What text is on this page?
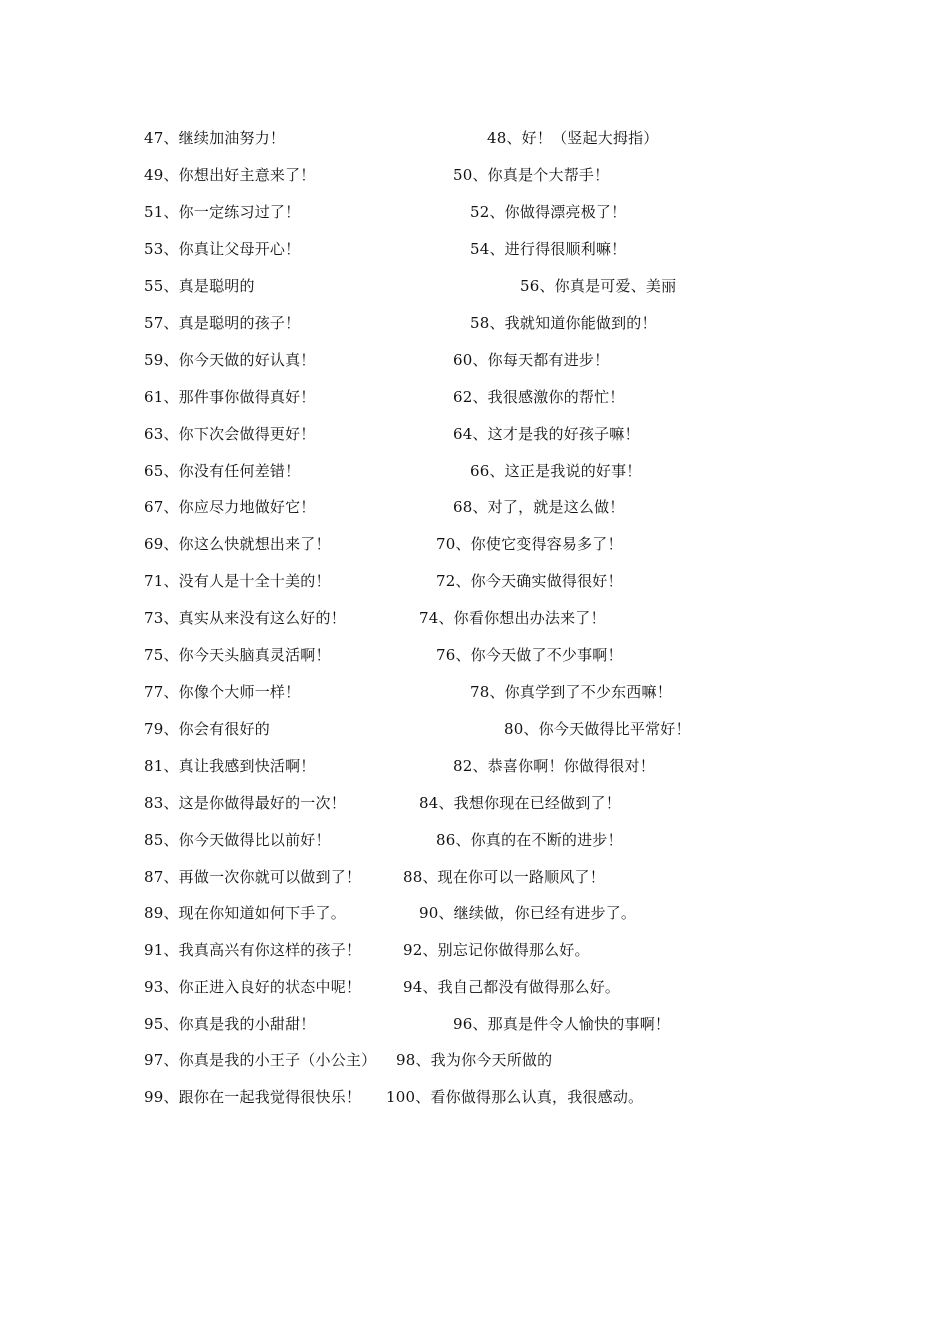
47、继续加油努力！	48、好！（竖起大拇指）
49、你想出好主意来了！	50、你真是个大帮手！
51、你一定练习过了！	52、你做得漂亮极了！
53、你真让父母开心！	54、进行得很顺利嘛！
55、真是聪明的	56、你真是可爱、美丽
57、真是聪明的孩子！	58、我就知道你能做到的！
59、你今天做的好认真！	60、你每天都有进步！
61、那件事你做得真好！	62、我很感激你的帮忙！
63、你下次会做得更好！	64、这才是我的好孩子嘛！
65、你没有任何差错！	66、这正是我说的好事！
67、你应尽力地做好它！	68、对了，就是这么做！
69、你这么快就想出来了！	70、你使它变得容易多了！
71、没有人是十全十美的！	72、你今天确实做得很好！
73、真实从来没有这么好的！	74、你看你想出办法来了！
75、你今天头脑真灵活啊！	76、你今天做了不少事啊！
77、你像个大师一样！	78、你真学到了不少东西嘛！
79、你会有很好的	80、你今天做得比平常好！
81、真让我感到快活啊！	82、恭喜你啊！你做得很对！
83、这是你做得最好的一次！	84、我想你现在已经做到了！
85、你今天做得比以前好！	86、你真的在不断的进步！
87、再做一次你就可以做到了！	88、现在你可以一路顺风了！
89、现在你知道如何下手了。	90、继续做，你已经有进步了。
91、我真高兴有你这样的孩子！	92、别忘记你做得那么好。
93、你正进入良好的状态中呢！	94、我自己都没有做得那么好。
95、你真是我的小甜甜！	96、那真是件令人愉快的事啊！
97、你真是我的小王子（小公主） 98、我为你今天所做的
99、跟你在一起我觉得很快乐！ 100、看你做得那么认真，我很感动。
